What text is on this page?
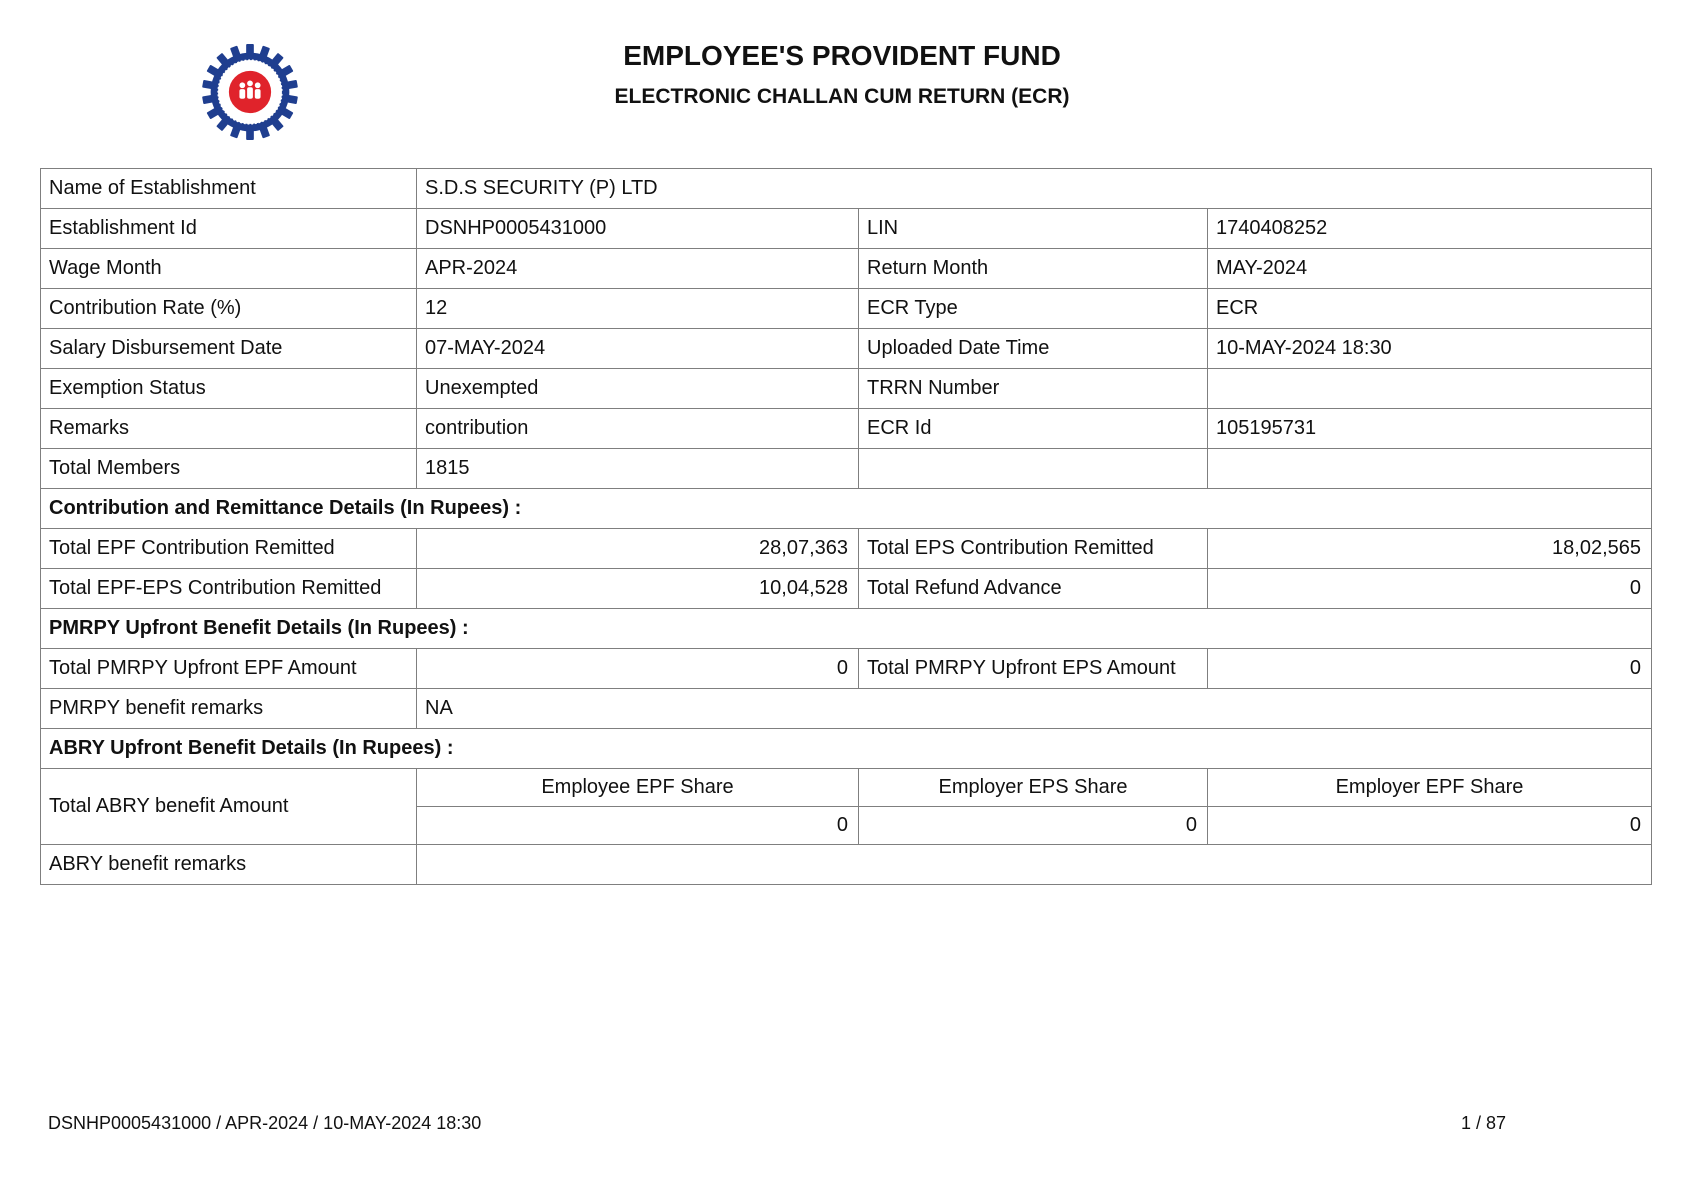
EMPLOYEE'S PROVIDENT FUND
ELECTRONIC CHALLAN CUM RETURN (ECR)
Name of Establishment	S.D.S SECURITY (P) LTD		
Establishment Id	DSNHP0005431000	LIN	1740408252
Wage Month	APR-2024	Return Month	MAY-2024
Contribution Rate (%)	12	ECR Type	ECR
Salary Disbursement Date	07-MAY-2024	Uploaded Date Time	10-MAY-2024 18:30
Exemption Status	Unexempted	TRRN Number	
Remarks	contribution	ECR Id	105195731
Total Members	1815		
Contribution and Remittance Details (In Rupees) :			
Total EPF Contribution Remitted	28,07,363	Total EPS Contribution Remitted	18,02,565
Total EPF-EPS Contribution Remitted	10,04,528	Total Refund Advance	0
PMRPY Upfront Benefit Details (In Rupees) :			
Total PMRPY Upfront EPF Amount	0	Total PMRPY Upfront EPS Amount	0
PMRPY benefit remarks	NA		
ABRY Upfront Benefit Details (In Rupees) :			
Total ABRY benefit Amount	Employee EPF Share	Employer EPS Share	Employer EPF Share
	0	0	0
ABRY benefit remarks			
DSNHP0005431000 / APR-2024 / 10-MAY-2024 18:30	1 / 87
